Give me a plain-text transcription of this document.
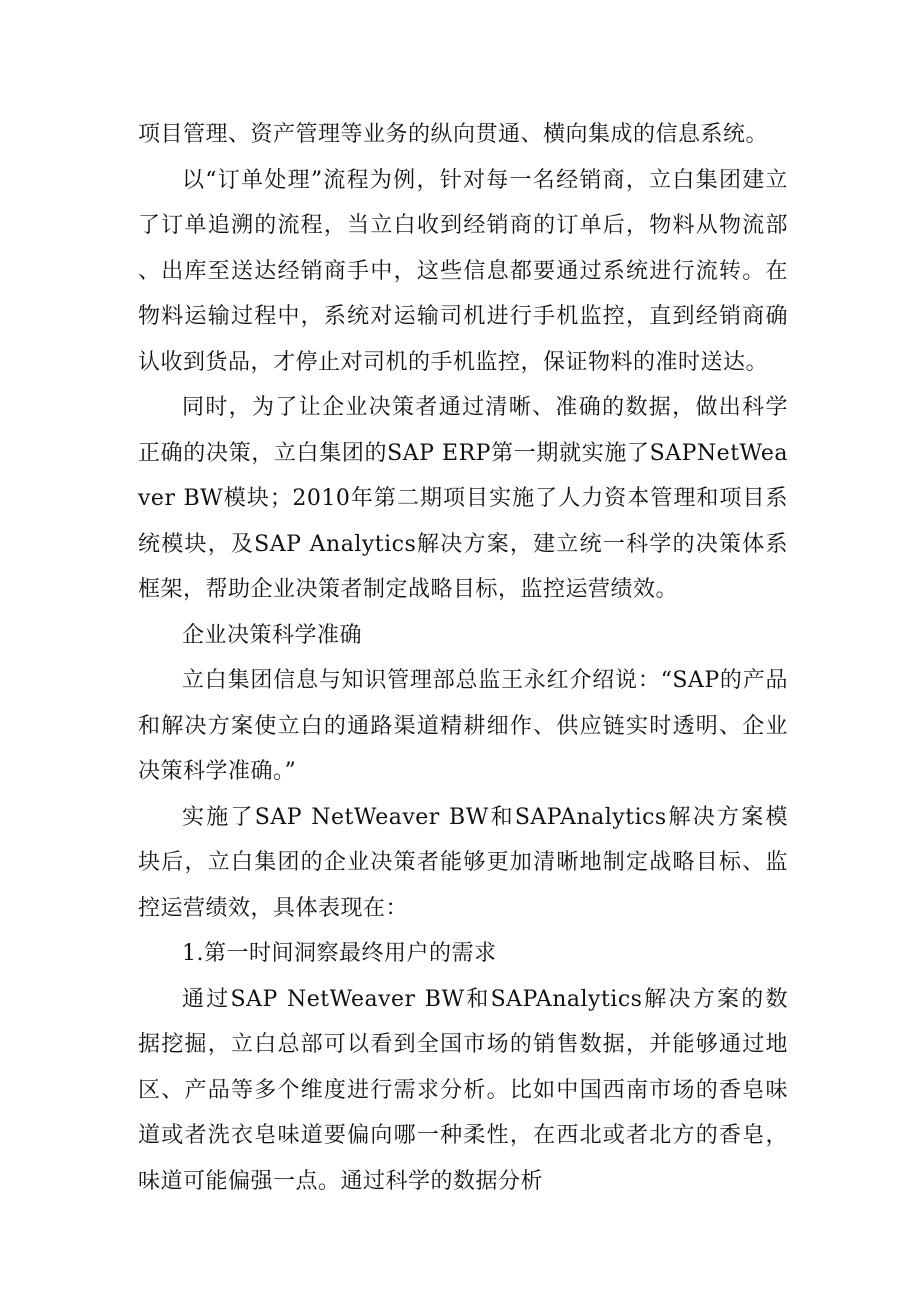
项目管理、资产管理等业务的纵向贯通、横向集成的信息系统。

以“订单处理”流程为例，针对每一名经销商，立白集团建立了订单追溯的流程，当立白收到经销商的订单后，物料从物流部、出库至送达经销商手中，这些信息都要通过系统进行流转。在物料运输过程中，系统对运输司机进行手机监控，直到经销商确认收到货品，才停止对司机的手机监控，保证物料的准时送达。

同时，为了让企业决策者通过清晰、准确的数据，做出科学正确的决策，立白集团的SAP ERP第一期就实施了SAPNetWeaver BW模块；2010年第二期项目实施了人力资本管理和项目系统模块，及SAP Analytics解决方案，建立统一科学的决策体系框架，帮助企业决策者制定战略目标，监控运营绩效。

企业决策科学准确

立白集团信息与知识管理部总监王永红介绍说：“SAP的产品和解决方案使立白的通路渠道精耕细作、供应链实时透明、企业决策科学准确。”

实施了SAP NetWeaver BW和SAPAnalytics解决方案模块后，立白集团的企业决策者能够更加清晰地制定战略目标、监控运营绩效，具体表现在：

1.第一时间洞察最终用户的需求

通过SAP NetWeaver BW和SAPAnalytics解决方案的数据挖掘，立白总部可以看到全国市场的销售数据，并能够通过地区、产品等多个维度进行需求分析。比如中国西南市场的香皂味道或者洗衣皂味道要偏向哪一种柔性，在西北或者北方的香皂，味道可能偏强一点。通过科学的数据分析
